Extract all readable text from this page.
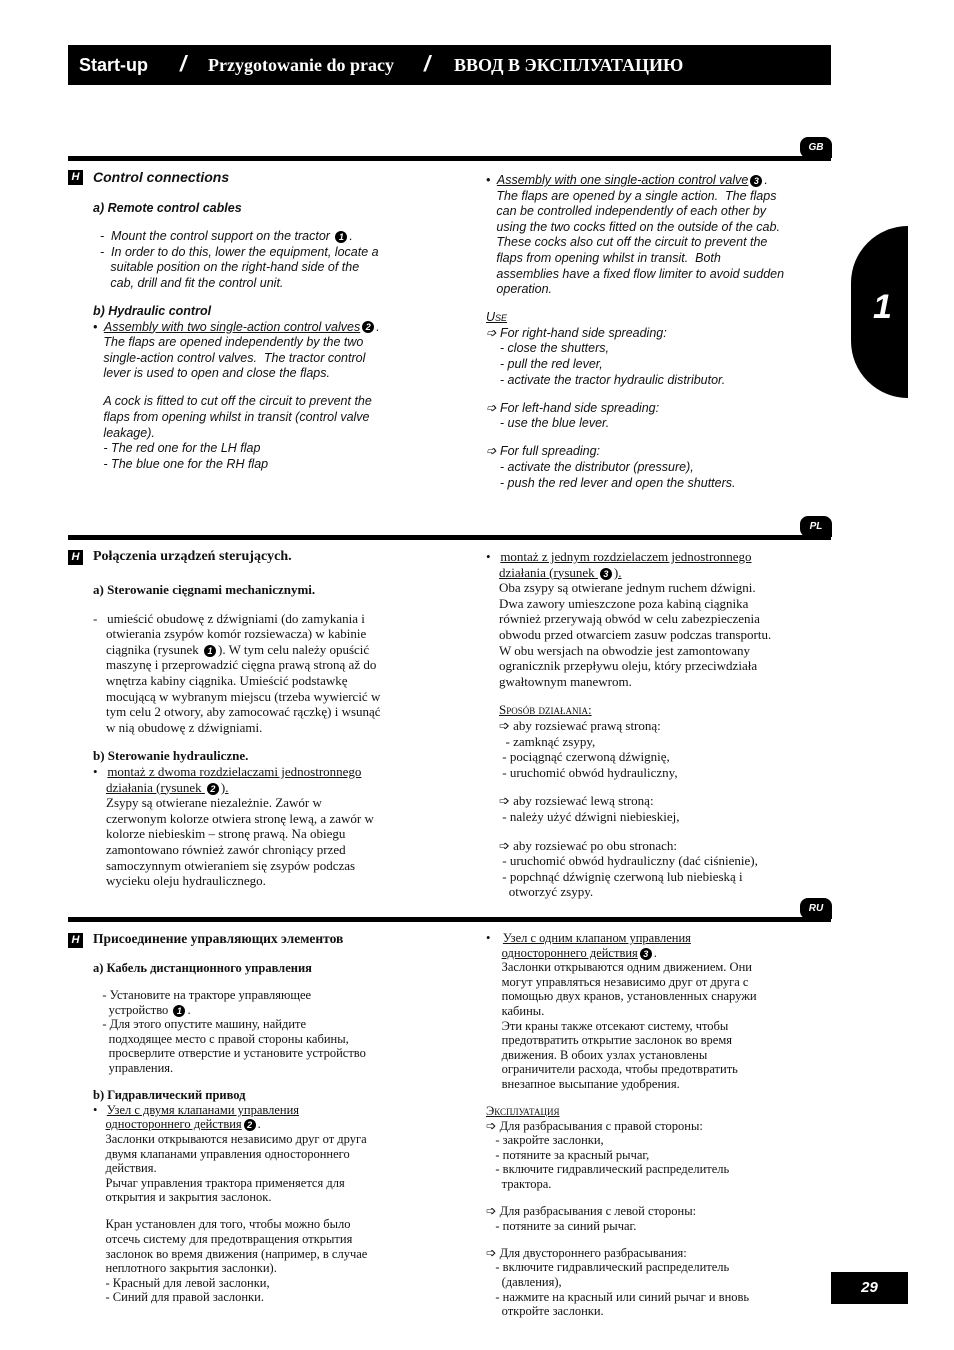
Start-up / Przygotowanie do pracy / ВВОД В ЭКСПЛУАТАЦИЮ
1
GB
H Control connections
a) Remote control cables
-  Mount the control support on the tractor 1 .
-  In order to do this, lower the equipment, locate a
suitable position on the right-hand side of the
cab, drill and fit the control unit.
b) Hydraulic control
•  Assembly with two single-action control valves 2 .
The flaps are opened independently by the two
single-action control valves.  The tractor control
lever is used to open and close the flaps.
A cock is fitted to cut off the circuit to prevent the
flaps from opening whilst in transit (control valve
leakage).
- The red one for the LH flap
- The blue one for the RH flap
•  Assembly with one single-action control valve 3 .
The flaps are opened by a single action.  The flaps
can be controlled independently of each other by
using the two cocks fitted on the outside of the cab.
These cocks also cut off the circuit to prevent the
flaps from opening whilst in transit.  Both
assemblies have a fixed flow limiter to avoid sudden
operation.
Use
➩ For right-hand side spreading:
- close the shutters,
- pull the red lever,
- activate the tractor hydraulic distributor.
➩ For left-hand side spreading:
- use the blue lever.
➩ For full spreading:
- activate the distributor (pressure),
- push the red lever and open the shutters.
PL
H Połączenia urządzeń sterujących.
a) Sterowanie cięgnami mechanicznymi.
-   umieścić obudowę z dźwigniami (do zamykania i
otwierania zsypów komór rozsiewacza) w kabinie
ciągnika (rysunek 1 ). W tym celu należy opuścić
maszynę i przeprowadzić cięgna prawą stroną až do
wnętrza kabiny ciągnika. Umieścić podstawkę
mocującą w wybranym miejscu (trzeba wywiercić w
tym celu 2 otwory, aby zamocować rączkę) i wsunąć
w nią obudowę z dźwigniami.
b) Sterowanie hydrauliczne.
•   montaż z dwoma rozdzielaczami jednostronnego
działania (rysunek 2 ).
Zsypy są otwierane niezależnie. Zawór w
czerwonym kolorze otwiera stronę lewą, a zawór w
kolorze niebieskim – stronę prawą. Na obiegu
zamontowano również zawór chroniący przed
samoczynnym otwieraniem się zsypów podczas
wycieku oleju hydraulicznego.
•   montaż z jednym rozdzielaczem jednostronnego
działania (rysunek 3 ).
Oba zsypy są otwierane jednym ruchem dźwigni.
Dwa zawory umieszczone poza kabiną ciągnika
również przerywają obwód w celu zabezpieczenia
obwodu przed otwarciem zasuw podczas transportu.
W obu wersjach na obwodzie jest zamontowany
ogranicznik przepływu oleju, który przeciwdziała
gwałtownym manewrom.
Sposób działania:
➩ aby rozsiewać prawą stroną:
- zamknąć zsypy,
- pociągnąć czerwoną dźwignię,
- uruchomić obwód hydrauliczny,
➩ aby rozsiewać lewą stroną:
- należy użyć dźwigni niebieskiej,
➩ aby rozsiewać po obu stronach:
- uruchomić obwód hydrauliczny (dać ciśnienie),
- popchnąć dźwignię czerwoną lub niebieską i
otworzyć zsypy.
RU
H Присоединение управляющих элементов
а) Кабель дистанционного управления
- Установите на тракторе управляющее
устройство 1 .
- Для этого опустите машину, найдите
подходящее место с правой стороны кабины,
просверлите отверстие и установите устройство
управления.
b) Гидравлический привод
•   Узел с двумя клапанами управления
одностороннего действия 2 .
Заслонки открываются независимо друг от друга
двумя клапанами управления одностороннего
действия.
Рычаг управления трактора применяется для
открытия и закрытия заслонок.
Кран установлен для того, чтобы можно было
отсечь систему для предотвращения открытия
заслонок во время движения (например, в случае
неплотного закрытия заслонки).
- Красный для левой заслонки,
- Синий для правой заслонки.
•    Узел с одним клапаном управления
одностороннего действия 3 .
Заслонки открываются одним движением. Они
могут управляться независимо друг от друга с
помощью двух кранов, установленных снаружи
кабины.
Эти краны также отсекают систему, чтобы
предотвратить открытие заслонок во время
движения. В обоих узлах установлены
ограничители расхода, чтобы предотвратить
внезапное высыпание удобрения.
Эксплуатация
➩ Для разбрасывания с правой стороны:
- закройте заслонки,
- потяните за красный рычаг,
- включите гидравлический распределитель
трактора.
➩ Для разбрасывания с левой стороны:
- потяните за синий рычаг.
➩ Для двустороннего разбрасывания:
- включите гидравлический распределитель
(давления),
- нажмите на красный или синий рычаг и вновь
откройте заслонки.
29
